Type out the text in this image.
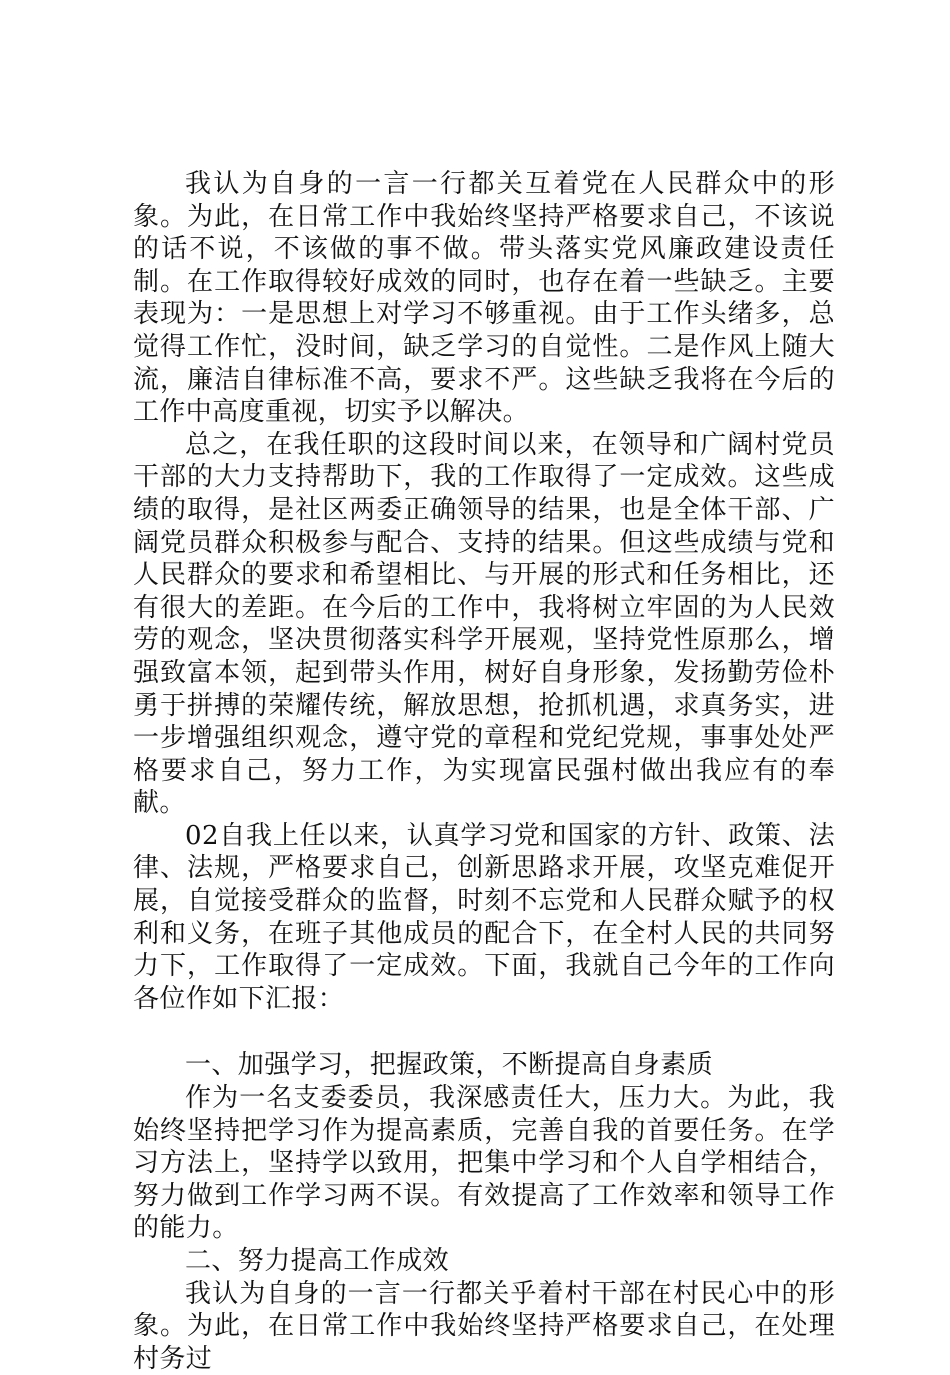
我认为自身的一言一行都关互着党在人民群众中的形象。为此，在日常工作中我始终坚持严格要求自己，不该说的话不说，不该做的事不做。带头落实党风廉政建设责任制。在工作取得较好成效的同时，也存在着一些缺乏。主要表现为：一是思想上对学习不够重视。由于工作头绪多，总觉得工作忙，没时间，缺乏学习的自觉性。二是作风上随大流，廉洁自律标准不高，要求不严。这些缺乏我将在今后的工作中高度重视，切实予以解决。

总之，在我任职的这段时间以来，在领导和广阔村党员干部的大力支持帮助下，我的工作取得了一定成效。这些成绩的取得，是社区两委正确领导的结果，也是全体干部、广阔党员群众积极参与配合、支持的结果。但这些成绩与党和人民群众的要求和希望相比、与开展的形式和任务相比，还有很大的差距。在今后的工作中，我将树立牢固的为人民效劳的观念，坚决贯彻落实科学开展观，坚持党性原那么，增强致富本领，起到带头作用，树好自身形象，发扬勤劳俭朴勇于拼搏的荣耀传统，解放思想，抢抓机遇，求真务实，进一步增强组织观念，遵守党的章程和党纪党规，事事处处严格要求自己，努力工作，为实现富民强村做出我应有的奉献。

02自我上任以来，认真学习党和国家的方针、政策、法律、法规，严格要求自己，创新思路求开展，攻坚克难促开展，自觉接受群众的监督，时刻不忘党和人民群众赋予的权利和义务，在班子其他成员的配合下，在全村人民的共同努力下，工作取得了一定成效。下面，我就自己今年的工作向各位作如下汇报：

一、加强学习，把握政策，不断提高自身素质

作为一名支委委员，我深感责任大，压力大。为此，我始终坚持把学习作为提高素质，完善自我的首要任务。在学习方法上，坚持学以致用，把集中学习和个人自学相结合，努力做到工作学习两不误。有效提高了工作效率和领导工作的能力。

二、努力提高工作成效

我认为自身的一言一行都关乎着村干部在村民心中的形象。为此，在日常工作中我始终坚持严格要求自己，在处理村务过
